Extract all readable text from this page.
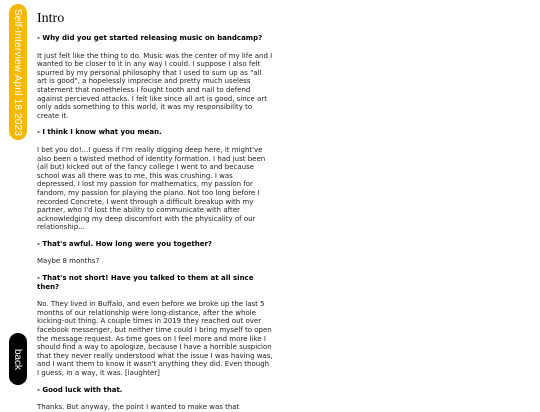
Self-Interview April 18 2023
back
Intro

- Why did you get started releasing music on bandcamp?

It just felt like the thing to do. Music was the center of my life and I wanted to be closer to it in any way I could. I suppose I also felt spurred by my personal philosophy that I used to sum up as "all art is good", a hopelessly imprecise and pretty much useless statement that nonetheless I fought tooth and nail to defend against percieved attacks. I felt like since all art is good, since art only adds something to this world, it was my responsibility to create it.

- I think I know what you mean.

I bet you do!...I guess if I'm really digging deep here, it might've also been a twisted method of identity formation. I had just been (all but) kicked out of the fancy college I went to and because school was all there was to me, this was crushing. I was depressed. I lost my passion for mathematics, my passion for fandom, my passion for playing the piano. Not too long before I recorded Concrete, I went through a difficult breakup with my partner, who I'd lost the ability to communicate with after acknowledging my deep discomfort with the physicality of our relationship...

- That's awful. How long were you together?

Maybe 8 months?

- That's not short! Have you talked to them at all since then?

No. They lived in Buffalo, and even before we broke up the last 5 months of our relationship were long-distance, after the whole kicking-out thing. A couple times in 2019 they reached out over facebook messenger, but neither time could I bring myself to open the message request. As time goes on I feel more and more like I should find a way to apologize, because I have a horrible suspicion that they never really understood what the issue I was having was, and I want them to know it wasn't anything they did. Even though I guess, in a way, it was. [laughter]

- Good luck with that.

Thanks. But anyway, the point I wanted to make was that
